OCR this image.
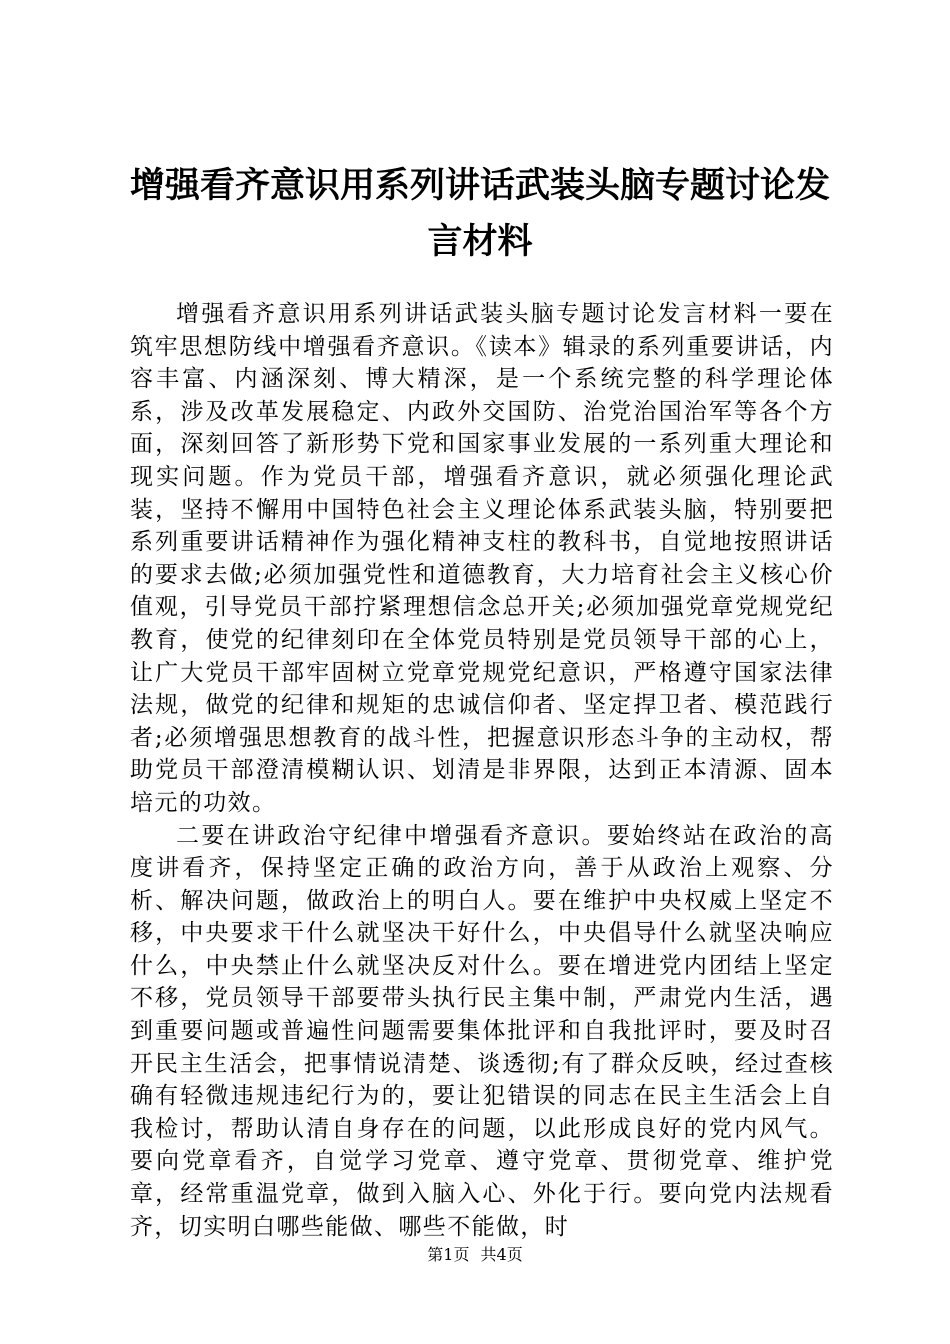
增强看齐意识用系列讲话武装头脑专题讨论发言材料

增强看齐意识用系列讲话武装头脑专题讨论发言材料一要在筑牢思想防线中增强看齐意识。《读本》辑录的系列重要讲话，内容丰富、内涵深刻、博大精深，是一个系统完整的科学理论体系，涉及改革发展稳定、内政外交国防、治党治国治军等各个方面，深刻回答了新形势下党和国家事业发展的一系列重大理论和现实问题。作为党员干部，增强看齐意识，就必须强化理论武装，坚持不懈用中国特色社会主义理论体系武装头脑，特别要把系列重要讲话精神作为强化精神支柱的教科书，自觉地按照讲话的要求去做;必须加强党性和道德教育，大力培育社会主义核心价值观，引导党员干部拧紧理想信念总开关;必须加强党章党规党纪教育，使党的纪律刻印在全体党员特别是党员领导干部的心上，让广大党员干部牢固树立党章党规党纪意识，严格遵守国家法律法规，做党的纪律和规矩的忠诚信仰者、坚定捍卫者、模范践行者;必须增强思想教育的战斗性，把握意识形态斗争的主动权，帮助党员干部澄清模糊认识、划清是非界限，达到正本清源、固本培元的功效。

二要在讲政治守纪律中增强看齐意识。要始终站在政治的高度讲看齐，保持坚定正确的政治方向，善于从政治上观察、分析、解决问题，做政治上的明白人。要在维护中央权威上坚定不移，中央要求干什么就坚决干好什么，中央倡导什么就坚决响应什么，中央禁止什么就坚决反对什么。要在增进党内团结上坚定不移，党员领导干部要带头执行民主集中制，严肃党内生活，遇到重要问题或普遍性问题需要集体批评和自我批评时，要及时召开民主生活会，把事情说清楚、谈透彻;有了群众反映，经过查核确有轻微违规违纪行为的，要让犯错误的同志在民主生活会上自我检讨，帮助认清自身存在的问题，以此形成良好的党内风气。要向党章看齐，自觉学习党章、遵守党章、贯彻党章、维护党章，经常重温党章，做到入脑入心、外化于行。要向党内法规看齐，切实明白哪些能做、哪些不能做，时

第1页 共4页
